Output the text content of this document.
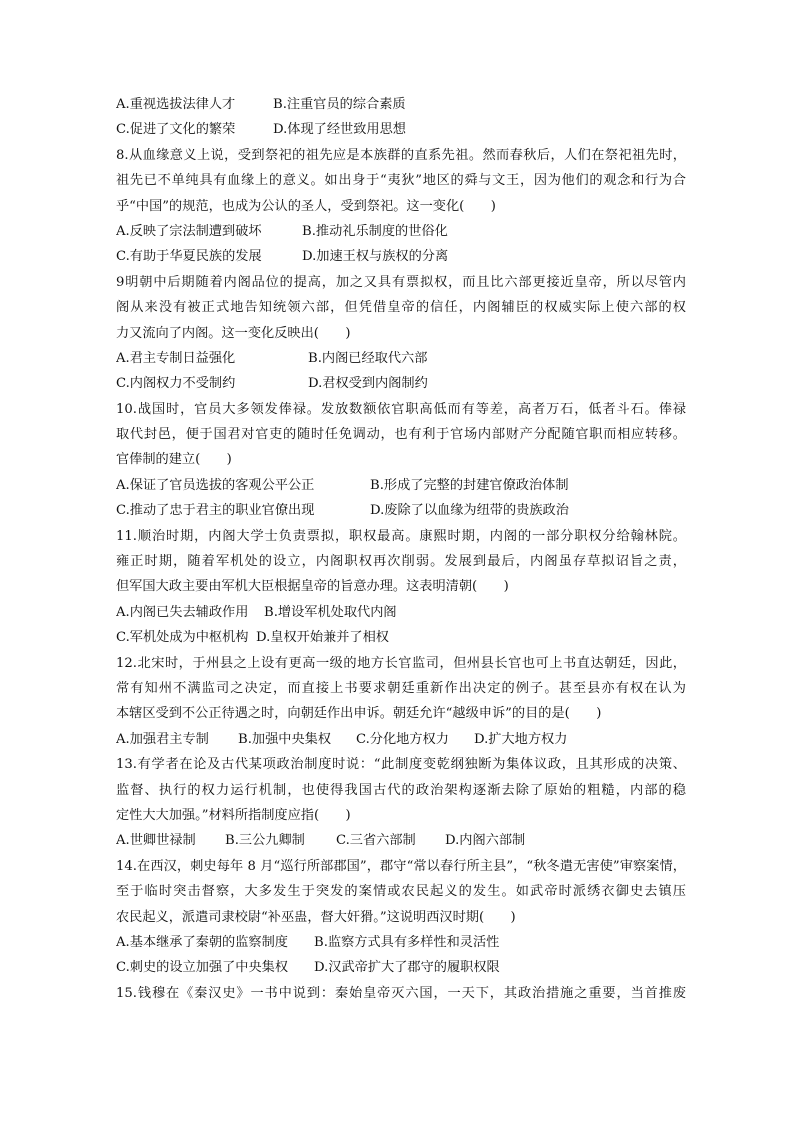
A.重视选拔法律人才	B.注重官员的综合素质
C.促进了文化的繁荣	D.体现了经世致用思想
8.从血缘意义上说，受到祭祀的祖先应是本族群的直系先祖。然而春秋后，人们在祭祀祖先时，
祖先已不单纯具有血缘上的意义。如出身于“夷狄”地区的舜与文王，因为他们的观念和行为合
乎“中国”的规范，也成为公认的圣人，受到祭祀。这一变化(　　)
A.反映了宗法制遭到破坏	B.推动礼乐制度的世俗化
C.有助于华夏民族的发展	D.加速王权与族权的分离
9明朝中后期随着内阁品位的提高，加之又具有票拟权，而且比六部更接近皇帝，所以尽管内
阁从来没有被正式地告知统领六部，但凭借皇帝的信任，内阁辅臣的权威实际上使六部的权
力又流向了内阁。这一变化反映出(　　)
A.君主专制日益强化	B.内阁已经取代六部
C.内阁权力不受制约	D.君权受到内阁制约
10.战国时，官员大多领发俸禄。发放数额依官职高低而有等差，高者万石，低者斗石。俸禄
取代封邑，便于国君对官吏的随时任免调动，也有利于官场内部财产分配随官职而相应转移。
官俸制的建立(　　)
A.保证了官员选拔的客观公平公正	B.形成了完整的封建官僚政治体制
C.推动了忠于君主的职业官僚出现	D.废除了以血缘为纽带的贵族政治
11.顺治时期，内阁大学士负责票拟，职权最高。康熙时期，内阁的一部分职权分给翰林院。
雍正时期，随着军机处的设立，内阁职权再次削弱。发展到最后，内阁虽存草拟诏旨之责，
但军国大政主要由军机大臣根据皇帝的旨意办理。这表明清朝(　　)
A.内阁已失去辅政作用 B.增设军机处取代内阁
C.军机处成为中枢机构 D.皇权开始兼并了相权
12.北宋时，于州县之上设有更高一级的地方长官监司，但州县长官也可上书直达朝廷，因此，
常有知州不满监司之决定，而直接上书要求朝廷重新作出决定的例子。甚至县亦有权在认为
本辖区受到不公正待遇之时，向朝廷作出申诉。朝廷允许“越级申诉”的目的是(　　)
A.加强君主专制 B.加强中央集权 C.分化地方权力 D.扩大地方权力
13.有学者在论及古代某项政治制度时说：“此制度变乾纲独断为集体议政，且其形成的决策、
监督、执行的权力运行机制，也使得我国古代的政治架构逐渐去除了原始的粗糙，内部的稳
定性大大加强。”材料所指制度应指(　　)
A.世卿世禄制 B.三公九卿制 C.三省六部制 D.内阁六部制
14.在西汉，刺史每年 8 月“巡行所部郡国”，郡守“常以春行所主县”，“秋冬遣无害使”审察案情，
至于临时突击督察，大多发生于突发的案情或农民起义的发生。如武帝时派绣衣御史去镇压
农民起义，派遣司隶校尉“补巫蛊，督大奸猾。”这说明西汉时期(　　)
A.基本继承了秦朝的监察制度 B.监察方式具有多样性和灵活性
C.刺史的设立加强了中央集权 D.汉武帝扩大了郡守的履职权限
15.钱穆在《秦汉史》一书中说到：秦始皇帝灭六国，一天下，其政治措施之重要，当首推废
